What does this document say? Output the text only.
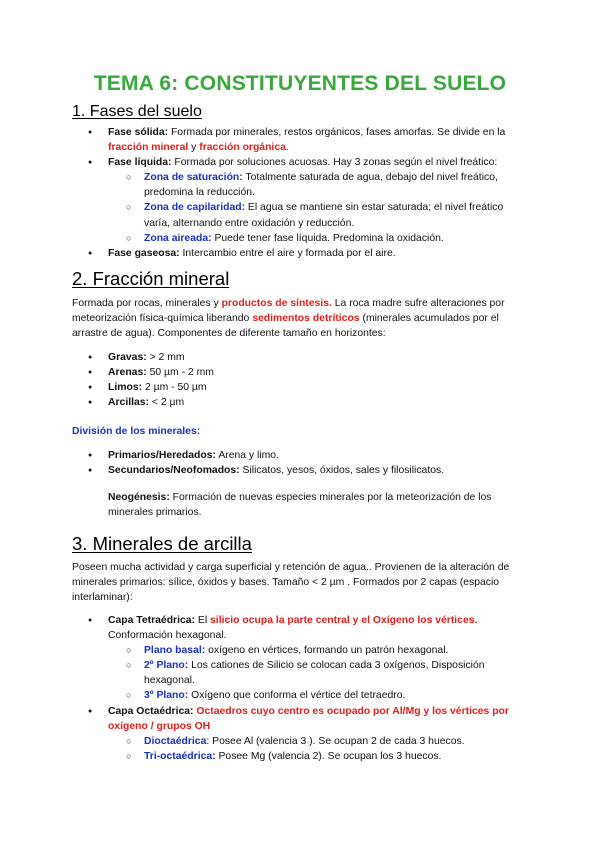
TEMA 6: CONSTITUYENTES DEL SUELO
1. Fases del suelo
● Fase sólida: Formada por minerales, restos orgánicos, fases amorfas. Se divide en la fracción mineral y fracción orgánica.
● Fase líquida: Formada por soluciones acuosas. Hay 3 zonas según el nivel freático:
○ Zona de saturación: Totalmente saturada de agua, debajo del nivel freático, predomina la reducción.
○ Zona de capilaridad: El agua se mantiene sin estar saturada; el nivel freático varía, alternando entre oxidación y reducción.
○ Zona aireada: Puede tener fase líquida. Predomina la oxidación.
● Fase gaseosa: Intercambio entre el aire y formada por el aire.
2. Fracción mineral

Formada por rocas, minerales y productos de síntesis. La roca madre sufre alteraciones por meteorización física-química liberando sedimentos detríticos (minerales acumulados por el arrastre de agua). Componentes de diferente tamaño en horizontes:

● Gravas: > 2 mm
● Arenas: 50 µm - 2 mm
● Limos: 2 µm - 50 µm
● Arcillas: < 2 µm

División de los minerales:

● Primarios/Heredados: Arena y limo.
● Secundarios/Neofomados: Silicatos, yesos, óxidos, sales y filosilicatos.

Neogénesis: Formación de nuevas especies minerales por la meteorización de los minerales primarios.

3. Minerales de arcilla

Poseen mucha actividad y carga superficial y retención de agua.. Provienen de la alteración de minerales primarios: sílice, óxidos y bases. Tamaño < 2 µm . Formados por 2 capas (espacio interlaminar):

● Capa Tetraédrica: El silicio ocupa la parte central y el Oxígeno los vértices. Conformación hexagonal.
○ Plano basal: oxígeno en vértices, formando un patrón hexagonal.
○ 2º Plano: Los cationes de Silicio se colocan cada 3 oxígenos, Disposición hexagonal.
○ 3º Plano: Oxígeno que conforma el vértice del tetraedro.
● Capa Octaédrica: Octaedros cuyo centro es ocupado por Al/Mg y los vértices por oxígeno / grupos OH
○ Dioctaédrica: Posee Al (valencia 3 ). Se ocupan 2 de cada 3 huecos.
○ Tri-octaédrica: Posee Mg (valencia 2). Se ocupan los 3 huecos.
